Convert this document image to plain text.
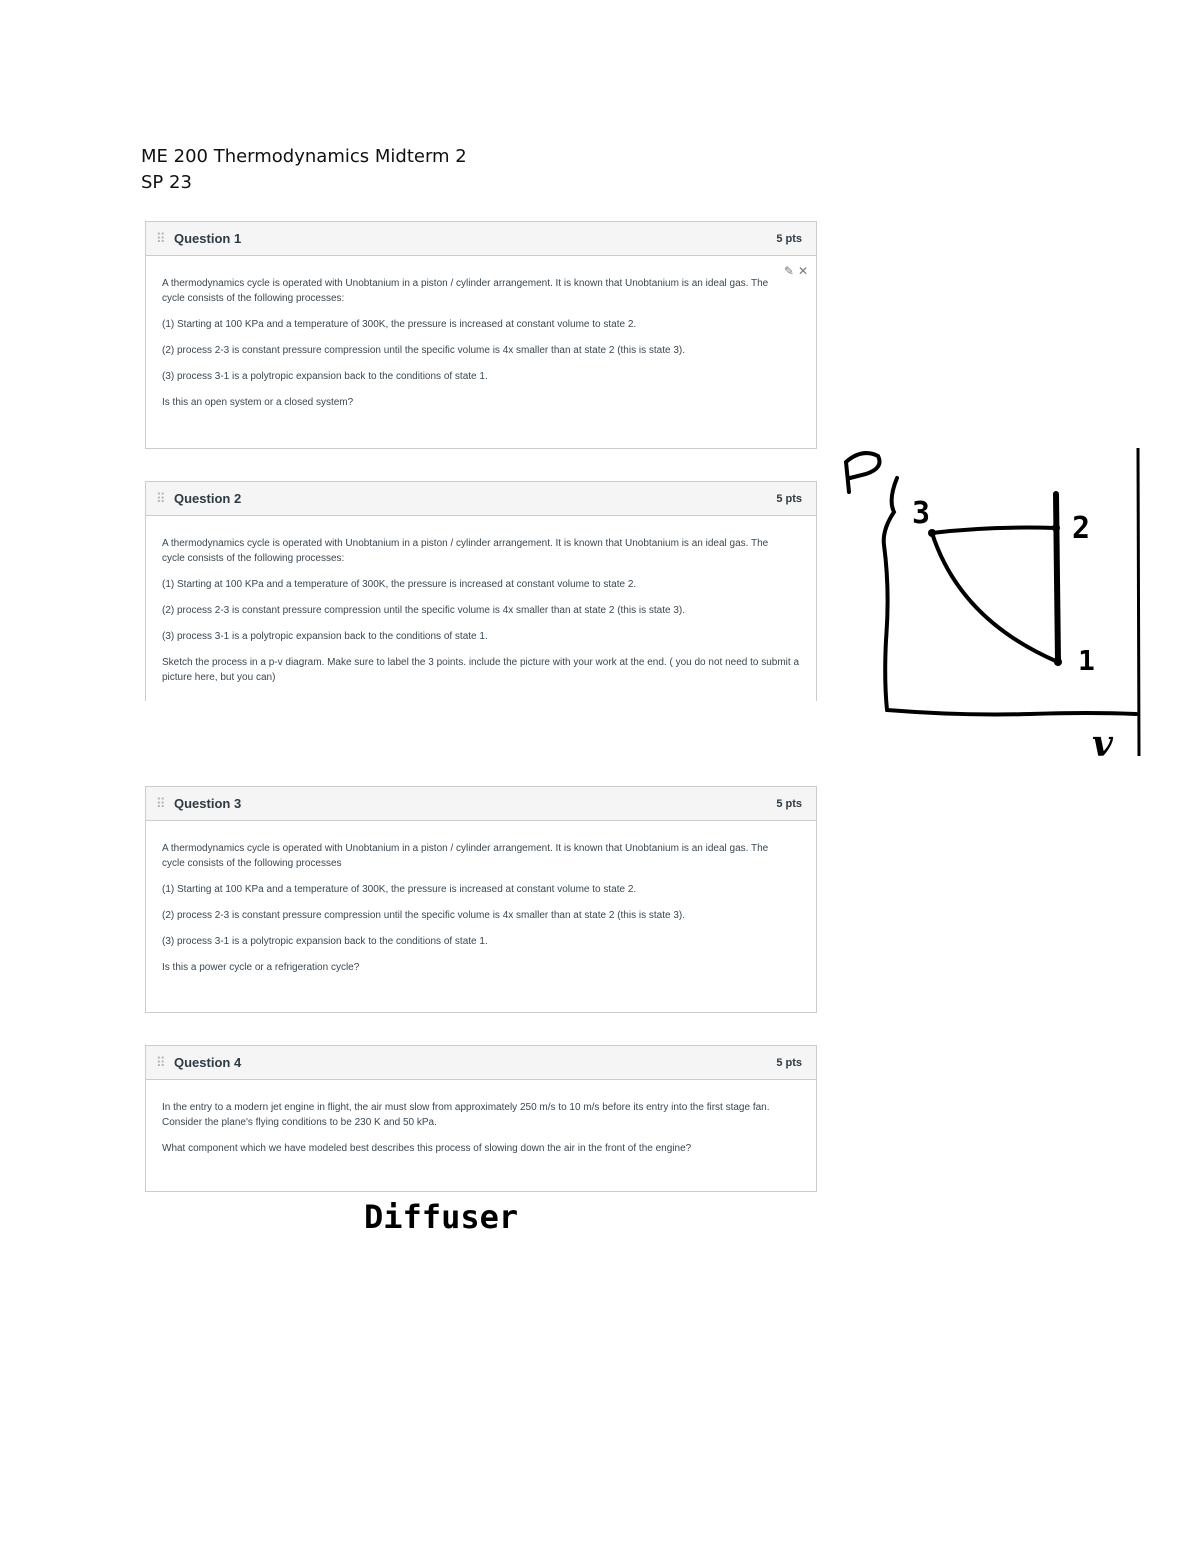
ME 200 Thermodynamics Midterm 2
SP 23
⠿ Question 1	5 pts
✎ ✕

A thermodynamics cycle is operated with Unobtanium in a piston / cylinder arrangement. It is known that Unobtanium is an ideal gas. The cycle consists of the following processes:

(1) Starting at 100 KPa and a temperature of 300K, the pressure is increased at constant volume to state 2.

(2) process 2-3 is constant pressure compression until the specific volume is 4x smaller than at state 2 (this is state 3).

(3) process 3-1 is a polytropic expansion back to the conditions of state 1.

Is this an open system or a closed system?

⠿ Question 2	5 pts

A thermodynamics cycle is operated with Unobtanium in a piston / cylinder arrangement. It is known that Unobtanium is an ideal gas. The cycle consists of the following processes:

(1) Starting at 100 KPa and a temperature of 300K, the pressure is increased at constant volume to state 2.

(2) process 2-3 is constant pressure compression until the specific volume is 4x smaller than at state 2 (this is state 3).

(3) process 3-1 is a polytropic expansion back to the conditions of state 1.

Sketch the process in a p-v diagram. Make sure to label the 3 points. include the picture with your work at the end. ( you do not need to submit a picture here, but you can)

⠿ Question 3	5 pts

A thermodynamics cycle is operated with Unobtanium in a piston / cylinder arrangement. It is known that Unobtanium is an ideal gas. The cycle consists of the following processes

(1) Starting at 100 KPa and a temperature of 300K, the pressure is increased at constant volume to state 2.

(2) process 2-3 is constant pressure compression until the specific volume is 4x smaller than at state 2 (this is state 3).

(3) process 3-1 is a polytropic expansion back to the conditions of state 1.

Is this a power cycle or a refrigeration cycle?

⠿ Question 4	5 pts

In the entry to a modern jet engine in flight, the air must slow from approximately 250 m/s to 10 m/s before its entry into the first stage fan. Consider the plane's flying conditions to be 230 K and 50 kPa.

What component which we have modeled best describes this process of slowing down the air in the front of the engine?

3	2
1
v
Diffuser
